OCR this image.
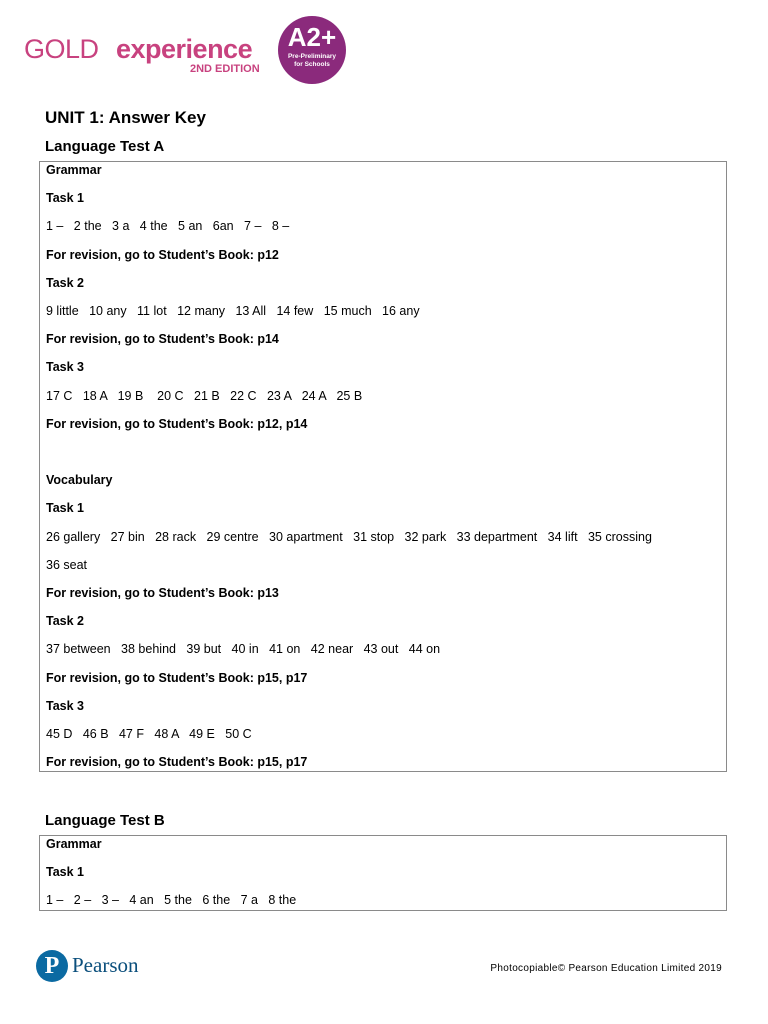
GOLD experience
2ND EDITION
A2+
Pre-Preliminary
for Schools
UNIT 1: Answer Key
Language Test A
Grammar
Task 1
1 –   2 the   3 a   4 the   5 an   6an   7 –   8 –
For revision, go to Student’s Book: p12
Task 2
9 little   10 any   11 lot   12 many   13 All   14 few   15 much   16 any
For revision, go to Student’s Book: p14
Task 3
17 C   18 A   19 B    20 C   21 B   22 C   23 A   24 A   25 B
For revision, go to Student’s Book: p12, p14
Vocabulary
Task 1
26 gallery   27 bin   28 rack   29 centre   30 apartment   31 stop   32 park   33 department   34 lift   35 crossing
36 seat
For revision, go to Student’s Book: p13
Task 2
37 between   38 behind   39 but   40 in   41 on   42 near   43 out   44 on
For revision, go to Student’s Book: p15, p17
Task 3
45 D   46 B   47 F   48 A   49 E   50 C
For revision, go to Student’s Book: p15, p17
Language Test B
Grammar
Task 1
1 –   2 –   3 –   4 an   5 the   6 the   7 a   8 the
P Pearson	Photocopiable© Pearson Education Limited 2019
